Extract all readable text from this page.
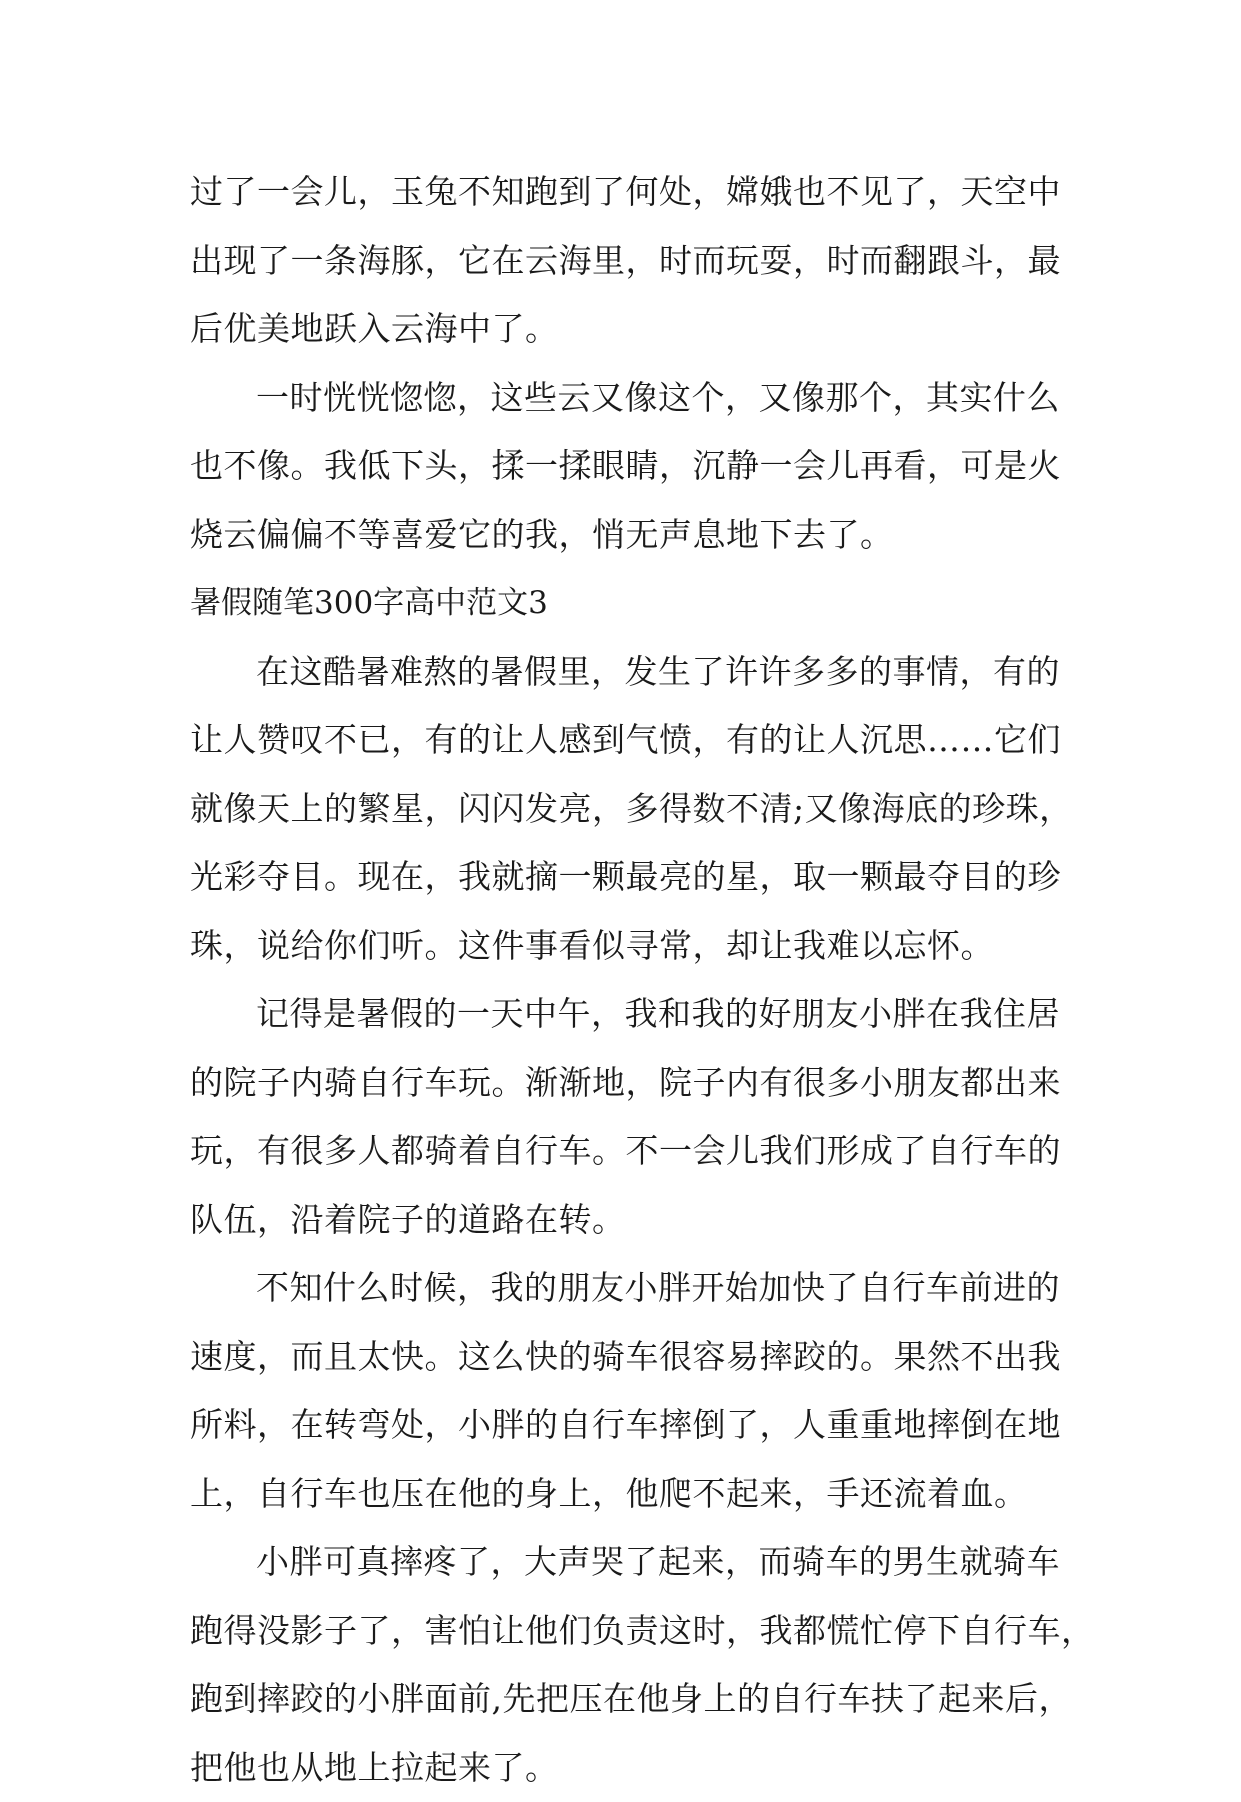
过了一会儿，玉兔不知跑到了何处，嫦娥也不见了，天空中
出现了一条海豚，它在云海里，时而玩耍，时而翻跟斗，最
后优美地跃入云海中了。
一时恍恍惚惚，这些云又像这个，又像那个，其实什么
也不像。我低下头，揉一揉眼睛，沉静一会儿再看，可是火
烧云偏偏不等喜爱它的我，悄无声息地下去了。
暑假随笔300字高中范文3
在这酷暑难熬的暑假里，发生了许许多多的事情，有的
让人赞叹不已，有的让人感到气愤，有的让人沉思……它们
就像天上的繁星，闪闪发亮，多得数不清;又像海底的珍珠，
光彩夺目。现在，我就摘一颗最亮的星，取一颗最夺目的珍
珠，说给你们听。这件事看似寻常，却让我难以忘怀。
记得是暑假的一天中午，我和我的好朋友小胖在我住居
的院子内骑自行车玩。渐渐地，院子内有很多小朋友都出来
玩，有很多人都骑着自行车。不一会儿我们形成了自行车的
队伍，沿着院子的道路在转。
不知什么时候，我的朋友小胖开始加快了自行车前进的
速度，而且太快。这么快的骑车很容易摔跤的。果然不出我
所料，在转弯处，小胖的自行车摔倒了，人重重地摔倒在地
上，自行车也压在他的身上，他爬不起来，手还流着血。
小胖可真摔疼了，大声哭了起来，而骑车的男生就骑车
跑得没影子了，害怕让他们负责这时，我都慌忙停下自行车，
跑到摔跤的小胖面前,先把压在他身上的自行车扶了起来后，
把他也从地上拉起来了。
